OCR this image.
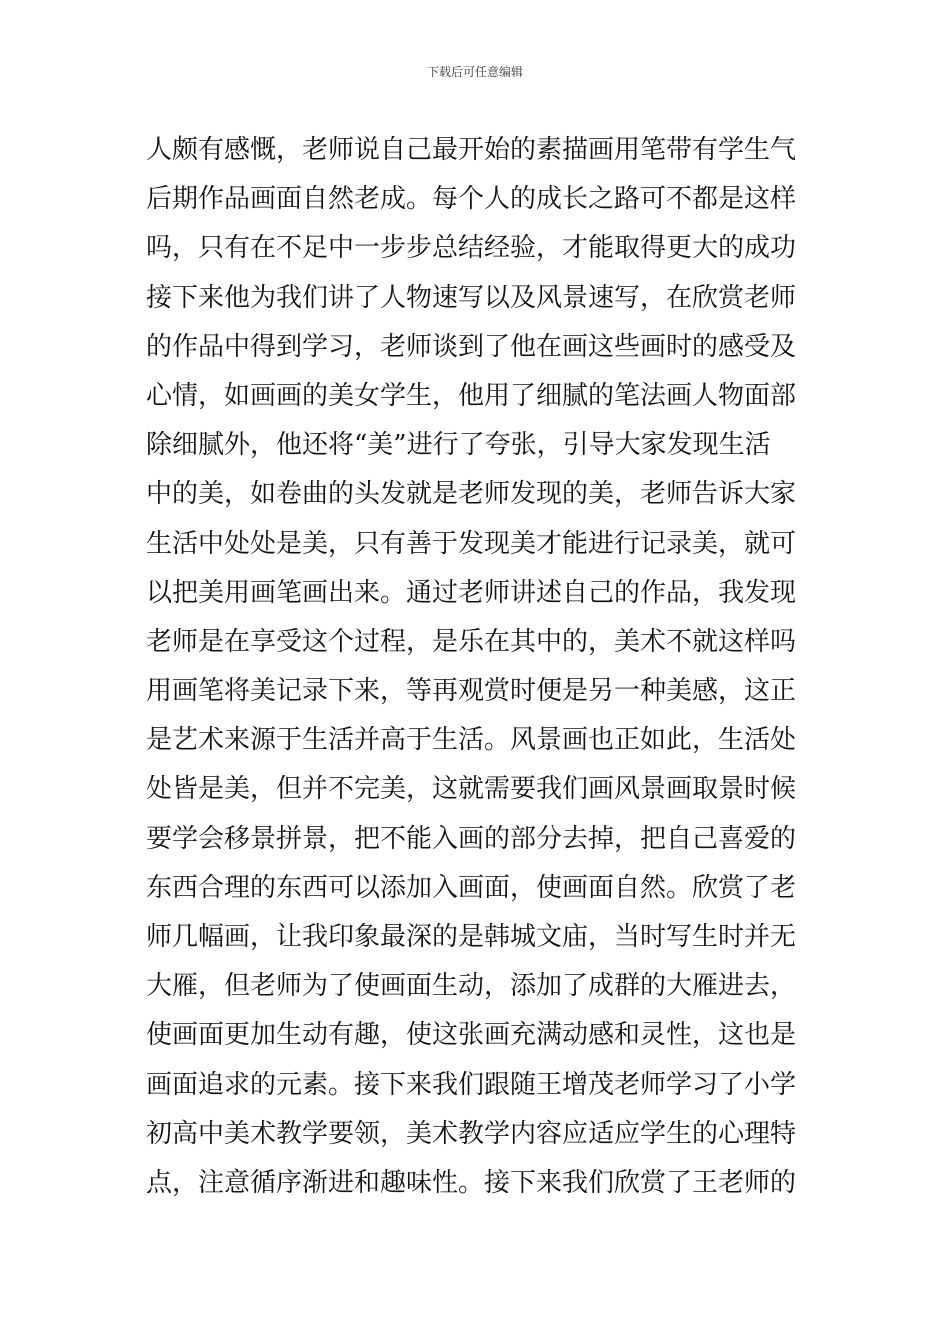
下载后可任意编辑
人颇有感慨，老师说自己最开始的素描画用笔带有学生气
后期作品画面自然老成。每个人的成长之路可不都是这样
吗，只有在不足中一步步总结经验，才能取得更大的成功
接下来他为我们讲了人物速写以及风景速写，在欣赏老师
的作品中得到学习，老师谈到了他在画这些画时的感受及
心情，如画画的美女学生，他用了细腻的笔法画人物面部
除细腻外，他还将“美”进行了夸张，引导大家发现生活
中的美，如卷曲的头发就是老师发现的美，老师告诉大家
生活中处处是美，只有善于发现美才能进行记录美，就可
以把美用画笔画出来。通过老师讲述自己的作品，我发现
老师是在享受这个过程，是乐在其中的，美术不就这样吗
用画笔将美记录下来，等再观赏时便是另一种美感，这正
是艺术来源于生活并高于生活。风景画也正如此，生活处
处皆是美，但并不完美，这就需要我们画风景画取景时候
要学会移景拼景，把不能入画的部分去掉，把自己喜爱的
东西合理的东西可以添加入画面，使画面自然。欣赏了老
师几幅画，让我印象最深的是韩城文庙，当时写生时并无
大雁，但老师为了使画面生动，添加了成群的大雁进去，
使画面更加生动有趣，使这张画充满动感和灵性，这也是
画面追求的元素。接下来我们跟随王增茂老师学习了小学
初高中美术教学要领，美术教学内容应适应学生的心理特
点，注意循序渐进和趣味性。接下来我们欣赏了王老师的
